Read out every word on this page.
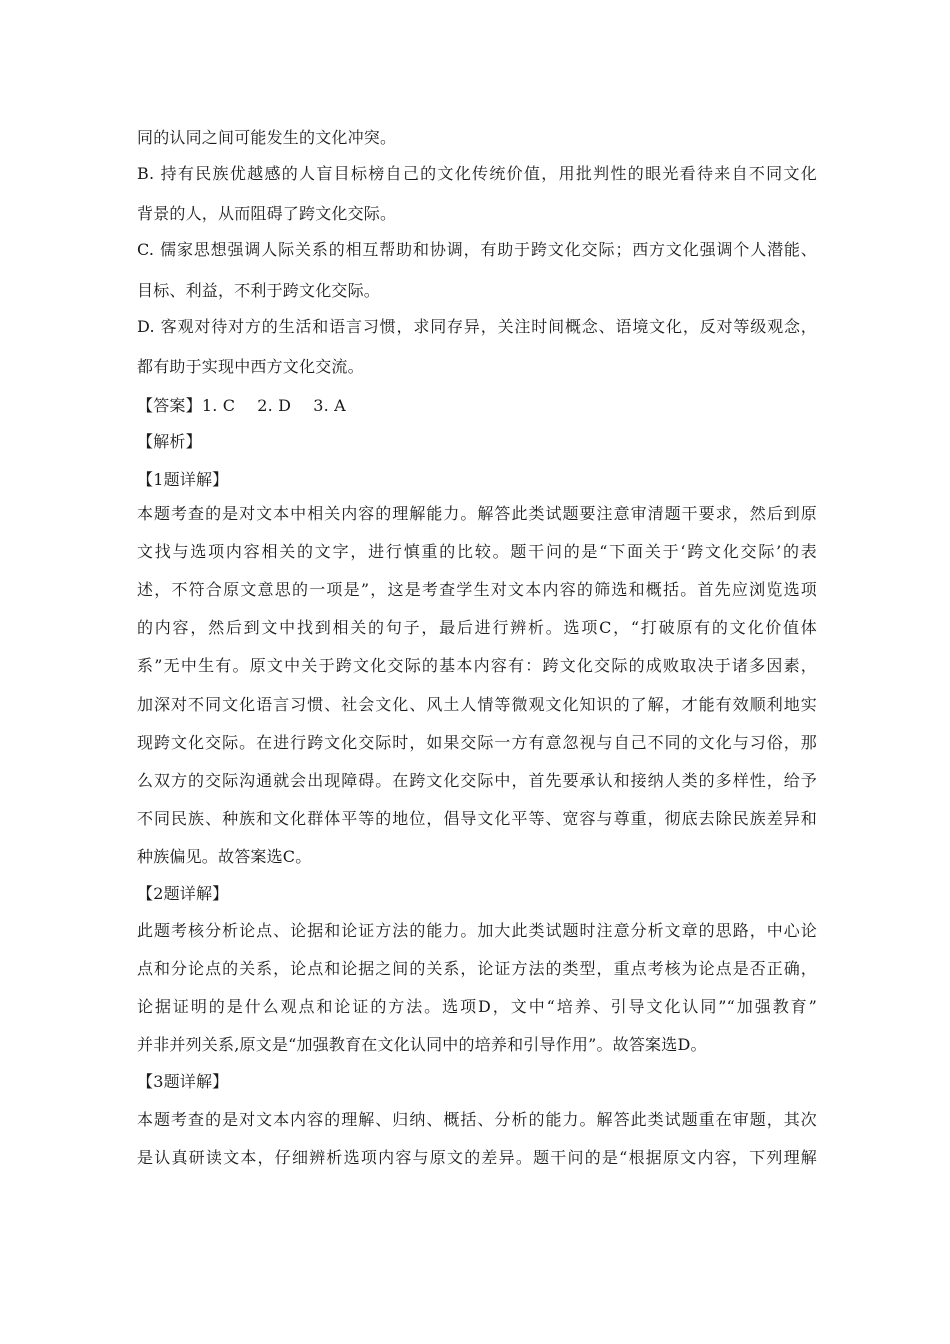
同的认同之间可能发生的文化冲突。
B. 持有民族优越感的人盲目标榜自己的文化传统价值，用批判性的眼光看待来自不同文化
背景的人，从而阻碍了跨文化交际。
C. 儒家思想强调人际关系的相互帮助和协调，有助于跨文化交际；西方文化强调个人潜能、
目标、利益，不利于跨文化交际。
D. 客观对待对方的生活和语言习惯，求同存异，关注时间概念、语境文化，反对等级观念，
都有助于实现中西方文化交流。
【答案】1. C 2. D 3. A
【解析】
【1题详解】
本题考查的是对文本中相关内容的理解能力。解答此类试题要注意审清题干要求，然后到原
文找与选项内容相关的文字，进行慎重的比较。题干问的是“下面关于‘跨文化交际’的表
述，不符合原文意思的一项是”，这是考查学生对文本内容的筛选和概括。首先应浏览选项
的内容，然后到文中找到相关的句子，最后进行辨析。选项C，“打破原有的文化价值体
系”无中生有。原文中关于跨文化交际的基本内容有：跨文化交际的成败取决于诸多因素，
加深对不同文化语言习惯、社会文化、风土人情等微观文化知识的了解，才能有效顺利地实
现跨文化交际。在进行跨文化交际时，如果交际一方有意忽视与自己不同的文化与习俗，那
么双方的交际沟通就会出现障碍。在跨文化交际中，首先要承认和接纳人类的多样性，给予
不同民族、种族和文化群体平等的地位，倡导文化平等、宽容与尊重，彻底去除民族差异和
种族偏见。故答案选C。
【2题详解】
此题考核分析论点、论据和论证方法的能力。加大此类试题时注意分析文章的思路，中心论
点和分论点的关系，论点和论据之间的关系，论证方法的类型，重点考核为论点是否正确，
论据证明的是什么观点和论证的方法。选项D，文中“培养、引导文化认同”“加强教育”
并非并列关系,原文是“加强教育在文化认同中的培养和引导作用”。故答案选D。
【3题详解】
本题考查的是对文本内容的理解、归纳、概括、分析的能力。解答此类试题重在审题，其次
是认真研读文本，仔细辨析选项内容与原文的差异。题干问的是“根据原文内容，下列理解
